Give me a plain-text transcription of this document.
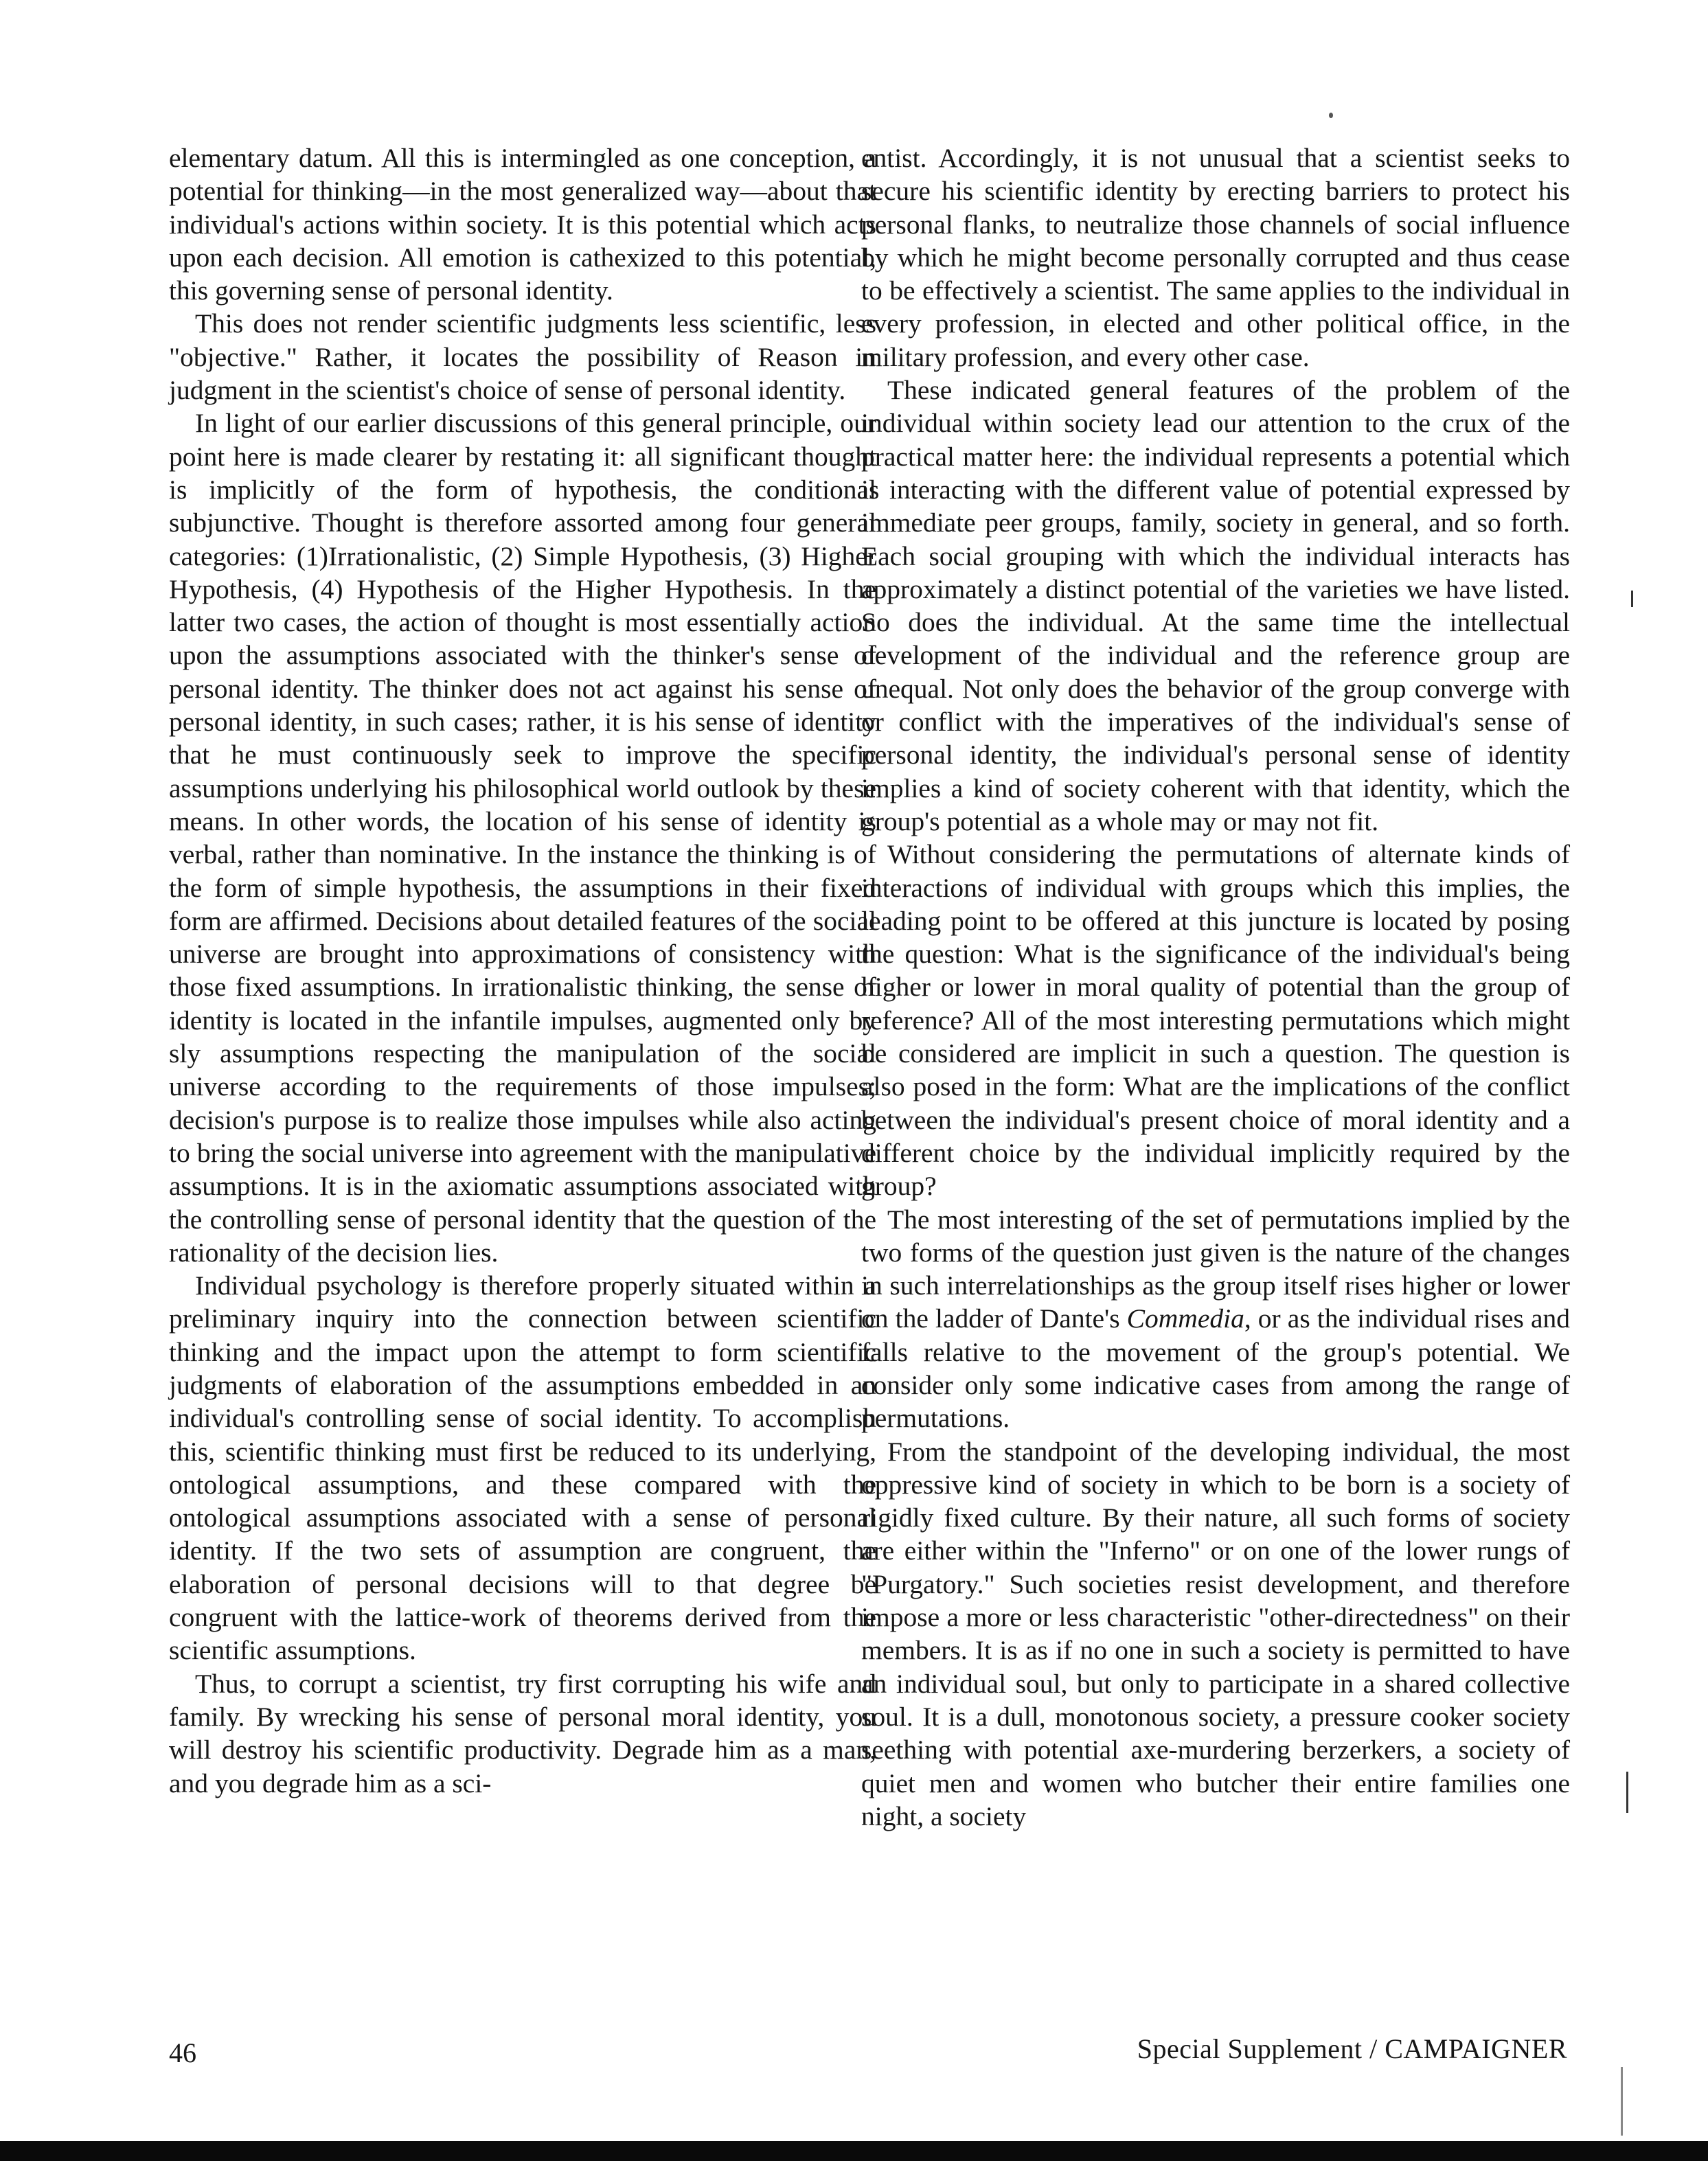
elementary datum. All this is intermingled as one conception, a potential for thinking—in the most generalized way—about that individual's actions within society. It is this potential which acts upon each decision. All emotion is cathexized to this potential, this governing sense of personal identity.

This does not render scientific judgments less scientific, less "objective." Rather, it locates the possibility of Reason in judgment in the scientist's choice of sense of personal identity.

In light of our earlier discussions of this general principle, our point here is made clearer by restating it: all significant thought is implicitly of the form of hypothesis, the conditional subjunctive. Thought is therefore assorted among four general categories: (1)Irrationalistic, (2) Simple Hypothesis, (3) Higher Hypothesis, (4) Hypothesis of the Higher Hypothesis. In the latter two cases, the action of thought is most essentially action upon the assumptions associated with the thinker's sense of personal identity. The thinker does not act against his sense of personal identity, in such cases; rather, it is his sense of identity that he must continuously seek to improve the specific assumptions underlying his philosophical world outlook by these means. In other words, the location of his sense of identity is verbal, rather than nominative. In the instance the thinking is of the form of simple hypothesis, the assumptions in their fixed form are affirmed. Decisions about detailed features of the social universe are brought into approximations of consistency with those fixed assumptions. In irrationalistic thinking, the sense of identity is located in the infantile impulses, augmented only by sly assumptions respecting the manipulation of the social universe according to the requirements of those impulses; decision's purpose is to realize those impulses while also acting to bring the social universe into agreement with the manipulative assumptions. It is in the axiomatic assumptions associated with the controlling sense of personal identity that the question of the rationality of the decision lies.

Individual psychology is therefore properly situated within a preliminary inquiry into the connection between scientific thinking and the impact upon the attempt to form scientific judgments of elaboration of the assumptions embedded in an individual's controlling sense of social identity. To accomplish this, scientific thinking must first be reduced to its underlying, ontological assumptions, and these compared with the ontological assumptions associated with a sense of personal identity. If the two sets of assumption are congruent, the elaboration of personal decisions will to that degree be congruent with the lattice-work of theorems derived from the scientific assumptions.

Thus, to corrupt a scientist, try first corrupting his wife and family. By wrecking his sense of personal moral identity, you will destroy his scientific productivity. Degrade him as a man, and you degrade him as a sci-

entist. Accordingly, it is not unusual that a scientist seeks to secure his scientific identity by erecting barriers to protect his personal flanks, to neutralize those channels of social influence by which he might become personally corrupted and thus cease to be effectively a scientist. The same applies to the individual in every profession, in elected and other political office, in the military profession, and every other case.

These indicated general features of the problem of the individual within society lead our attention to the crux of the practical matter here: the individual represents a potential which is interacting with the different value of potential expressed by immediate peer groups, family, society in general, and so forth. Each social grouping with which the individual interacts has approximately a distinct potential of the varieties we have listed. So does the individual. At the same time the intellectual development of the individual and the reference group are unequal. Not only does the behavior of the group converge with or conflict with the imperatives of the individual's sense of personal identity, the individual's personal sense of identity implies a kind of society coherent with that identity, which the group's potential as a whole may or may not fit.

Without considering the permutations of alternate kinds of interactions of individual with groups which this implies, the leading point to be offered at this juncture is located by posing the question: What is the significance of the individual's being higher or lower in moral quality of potential than the group of reference? All of the most interesting permutations which might be considered are implicit in such a question. The question is also posed in the form: What are the implications of the conflict between the individual's present choice of moral identity and a different choice by the individual implicitly required by the group?

The most interesting of the set of permutations implied by the two forms of the question just given is the nature of the changes in such interrelationships as the group itself rises higher or lower on the ladder of Dante's Commedia, or as the individual rises and falls relative to the movement of the group's potential. We consider only some indicative cases from among the range of permutations.

From the standpoint of the developing individual, the most oppressive kind of society in which to be born is a society of rigidly fixed culture. By their nature, all such forms of society are either within the "Inferno" or on one of the lower rungs of "Purgatory." Such societies resist development, and therefore impose a more or less characteristic "other-directedness" on their members. It is as if no one in such a society is permitted to have an individual soul, but only to participate in a shared collective soul. It is a dull, monotonous society, a pressure cooker society seething with potential axe-murdering berzerkers, a society of quiet men and women who butcher their entire families one night, a society

46	Special Supplement / CAMPAIGNER
